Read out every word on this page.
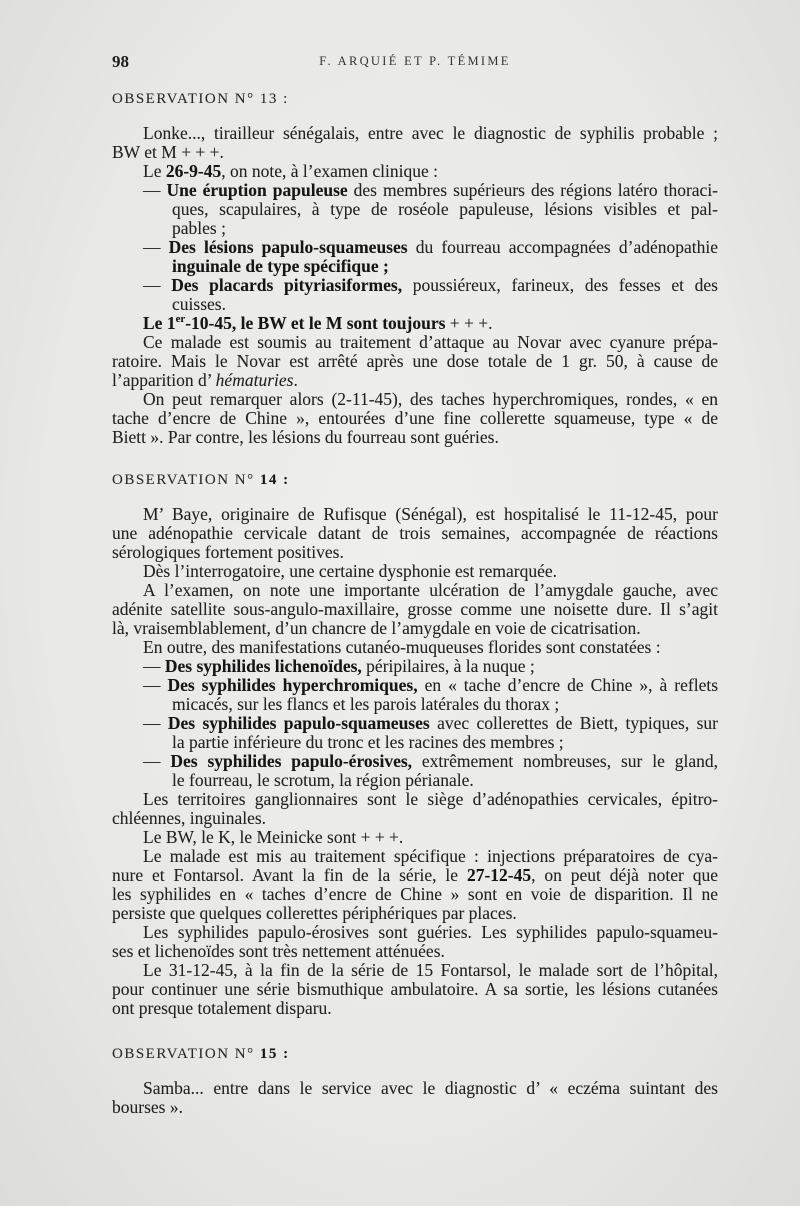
98	F. ARQUIÉ ET P. TÉMIME
OBSERVATION N° 13 :
Lonke..., tirailleur sénégalais, entre avec le diagnostic de syphilis probable ;
BW et M + + +.
Le 26-9-45, on note, à l’examen clinique :
— Une éruption papuleuse des membres supérieurs des régions latéro thoraci-
ques, scapulaires, à type de roséole papuleuse, lésions visibles et pal-
pables ;
— Des lésions papulo-squameuses du fourreau accompagnées d’adénopathie
inguinale de type spécifique ;
— Des placards pityriasiformes, poussiéreux, farineux, des fesses et des
cuisses.
Le 1er-10-45, le BW et le M sont toujours + + +.
Ce malade est soumis au traitement d’attaque au Novar avec cyanure prépa-
ratoire. Mais le Novar est arrêté après une dose totale de 1 gr. 50, à cause de
l’apparition d’ hématuries.
On peut remarquer alors (2-11-45), des taches hyperchromiques, rondes, « en
tache d’encre de Chine », entourées d’une fine collerette squameuse, type « de
Biett ». Par contre, les lésions du fourreau sont guéries.
OBSERVATION N° 14 :
M’ Baye, originaire de Rufisque (Sénégal), est hospitalisé le 11-12-45, pour
une adénopathie cervicale datant de trois semaines, accompagnée de réactions
sérologiques fortement positives.
Dès l’interrogatoire, une certaine dysphonie est remarquée.
A l’examen, on note une importante ulcération de l’amygdale gauche, avec
adénite satellite sous-angulo-maxillaire, grosse comme une noisette dure. Il s’agit
là, vraisemblablement, d’un chancre de l’amygdale en voie de cicatrisation.
En outre, des manifestations cutanéo-muqueuses florides sont constatées :
— Des syphilides lichenoïdes, péripilaires, à la nuque ;
— Des syphilides hyperchromiques, en « tache d’encre de Chine », à reflets
micacés, sur les flancs et les parois latérales du thorax ;
— Des syphilides papulo-squameuses avec collerettes de Biett, typiques, sur
la partie inférieure du tronc et les racines des membres ;
— Des syphilides papulo-érosives, extrêmement nombreuses, sur le gland,
le fourreau, le scrotum, la région périanale.
Les territoires ganglionnaires sont le siège d’adénopathies cervicales, épitro-
chléennes, inguinales.
Le BW, le K, le Meinicke sont + + +.
Le malade est mis au traitement spécifique : injections préparatoires de cya-
nure et Fontarsol. Avant la fin de la série, le 27-12-45, on peut déjà noter que
les syphilides en « taches d’encre de Chine » sont en voie de disparition. Il ne
persiste que quelques collerettes périphériques par places.
Les syphilides papulo-érosives sont guéries. Les syphilides papulo-squameu-
ses et lichenoïdes sont très nettement atténuées.
Le 31-12-45, à la fin de la série de 15 Fontarsol, le malade sort de l’hôpital,
pour continuer une série bismuthique ambulatoire. A sa sortie, les lésions cutanées
ont presque totalement disparu.
OBSERVATION N° 15 :
Samba... entre dans le service avec le diagnostic d’ « eczéma suintant des
bourses ».
